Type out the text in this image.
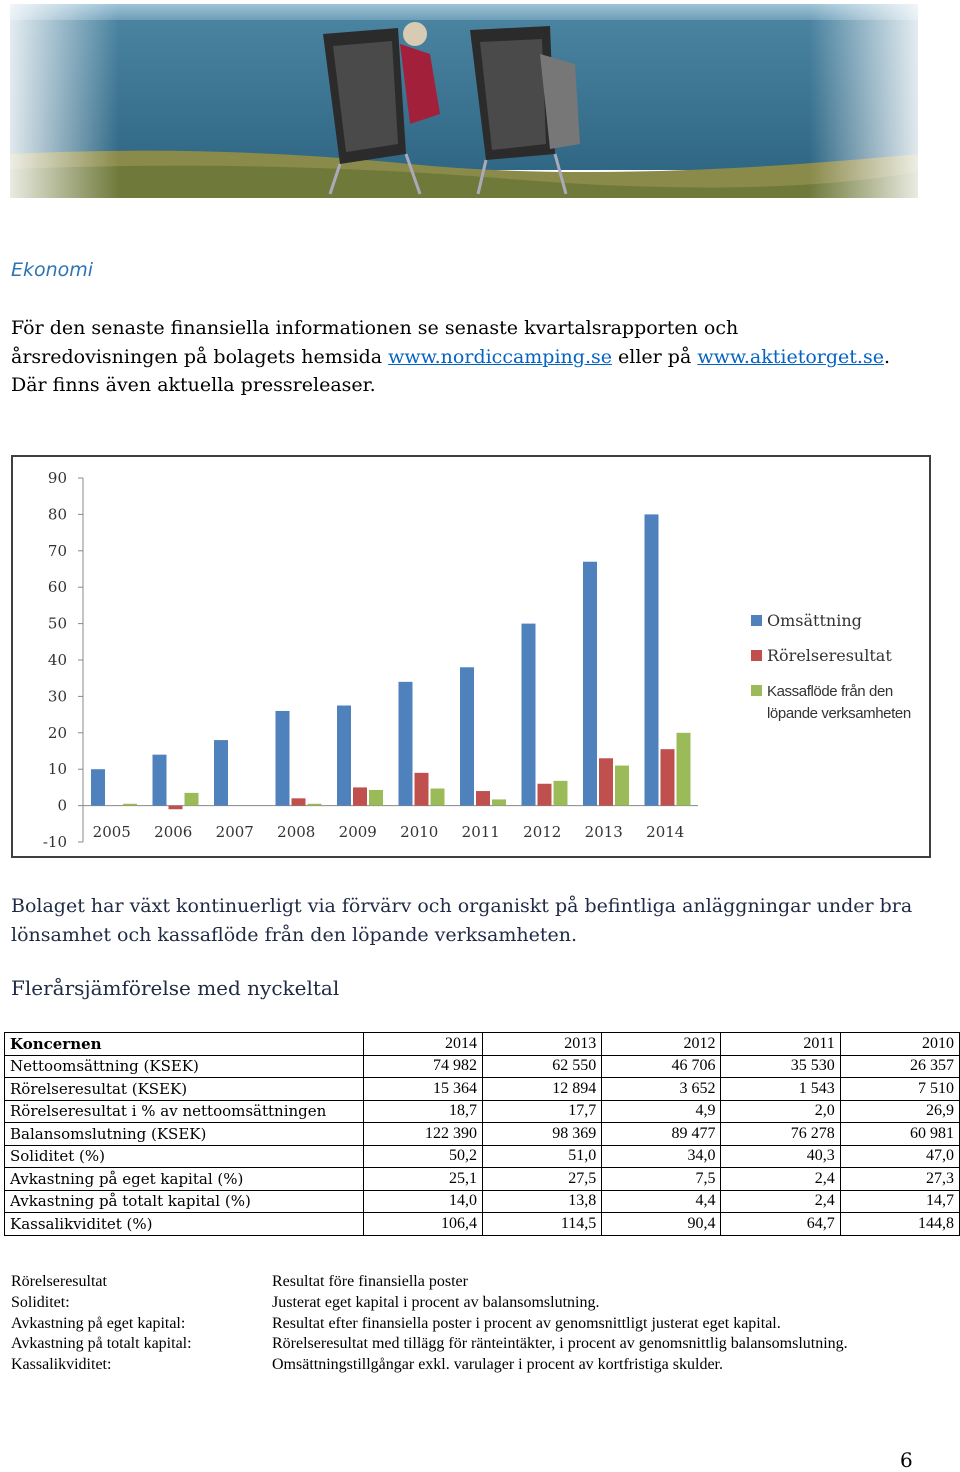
Ekonomi

För den senaste finansiella informationen se senaste kvartalsrapporten och årsredovisningen på bolagets hemsida www.nordiccamping.se eller på www.aktietorget.se. Där finns även aktuella pressreleaser.

90
80
70
60
50
40
30
20
10
0
-10
2005 2006 2007 2008 2009 2010 2011 2012 2013 2014
Omsättning
Rörelseresultat
Kassaflöde från den
löpande verksamheten

Bolaget har växt kontinuerligt via förvärv och organiskt på befintliga anläggningar under bra lönsamhet och kassaflöde från den löpande verksamheten.

Flerårsjämförelse med nyckeltal
Koncernen	2014	2013	2012	2011	2010
Nettoomsättning (KSEK)	74 982	62 550	46 706	35 530	26 357
Rörelseresultat (KSEK)	15 364	12 894	3 652	1 543	7 510
Rörelseresultat i % av nettoomsättningen	18,7	17,7	4,9	2,0	26,9
Balansomslutning (KSEK)	122 390	98 369	89 477	76 278	60 981
Soliditet (%)	50,2	51,0	34,0	40,3	47,0
Avkastning på eget kapital (%)	25,1	27,5	7,5	2,4	27,3
Avkastning på totalt kapital (%)	14,0	13,8	4,4	2,4	14,7
Kassalikviditet (%)	106,4	114,5	90,4	64,7	144,8
Rörelseresultat	Resultat före finansiella poster
Soliditet:	Justerat eget kapital i procent av balansomslutning.
Avkastning på eget kapital:	Resultat efter finansiella poster i procent av genomsnittligt justerat eget kapital.
Avkastning på totalt kapital:	Rörelseresultat med tillägg för ränteintäkter, i procent av genomsnittlig balansomslutning.
Kassalikviditet:	Omsättningstillgångar exkl. varulager i procent av kortfristiga skulder.
6
